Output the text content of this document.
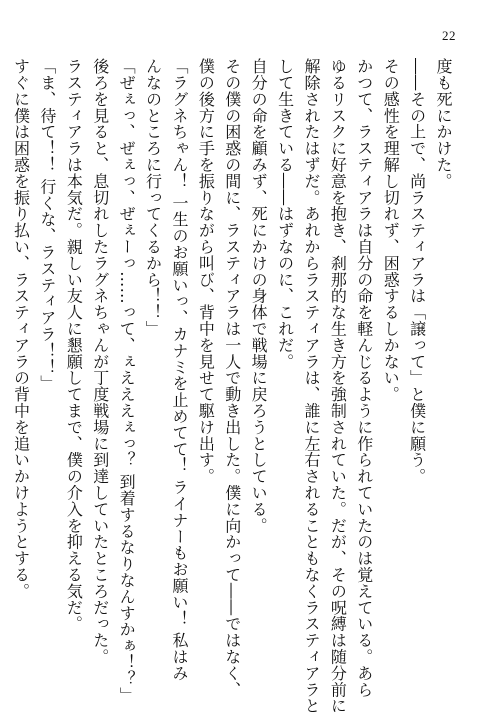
22

度も死にかけた。

――その上で、尚ラスティアラは「譲って」と僕に願う。

その感性を理解し切れず、困惑するしかない。

かつて、ラスティアラは自分の命を軽んじるように作られていたのは覚えている。あら

ゆるリスクに好意を抱き、刹那的な生き方を強制されていた。だが、その呪縛は随分前に

解除されたはずだ。あれからラスティアラは、誰に左右されることもなくラスティアラと

して生きている――はずなのに、これだ。

自分の命を顧みず、死にかけの身体で戦場に戻ろうとしている。

その僕の困惑の間に、ラスティアラは一人で動き出した。僕に向かって――ではなく、

僕の後方に手を振りながら叫び、背中を見せて駆け出す。

「ラグネちゃん！ 一生のお願いっ、カナミを止めてて！ ライナーもお願い！ 私はみ

んなのところに行ってくるから！！」

「ぜぇっ、ぜぇっ、ぜぇーっ……って、ぇえええぇっ？ 到着するなりなんすかぁ！？」

後ろを見ると、息切れしたラグネちゃんが丁度戦場に到達していたところだった。

ラスティアラは本気だ。親しい友人に懇願してまで、僕の介入を抑える気だ。

「ま、待て！！ 行くな、ラスティアラ！！」

すぐに僕は困惑を振り払い、ラスティアラの背中を追いかけようとする。
